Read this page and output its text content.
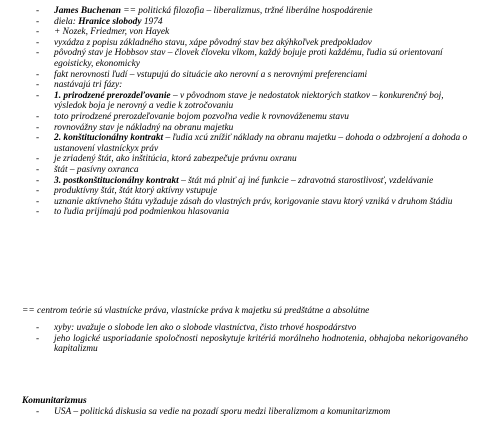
- James Buchenan == politická filozofia – liberalizmus, tržné liberálne hospodárenie
- diela: Hranice slobody 1974
- + Nozek, Friedmer, von Hayek
- vyxádza z popisu základného stavu, xápe pôvodný stav bez akýhkoľvek predpokladov
- pôvodný stav je Hobbsov stav – človek človeku vlkom, každý bojuje proti každému, ľudia sú orientovaní egoisticky, ekonomicky
- fakt nerovnosti ľudí – vstupujú do situácie ako nerovní a s nerovnými preferenciami
- nastávajú tri fázy:
- 1. prirodzené prerozdeľovanie – v pôvodnom stave je nedostatok niektorých statkov – konkurenčný boj, výsledok boja je nerovný a vedie k zotročovaniu
- toto prirodzené prerozdeľovanie bojom pozvoľna vedie k rovnováženemu stavu
- rovnovážny stav je nákladný na obranu majetku
- 2. konštitucionálny kontrakt – ľudia xcú znížiť náklady na obranu majetku – dohoda o odzbrojení a dohoda o ustanovení vlastníckyx práv
- je zriadený štát, ako inštitúcia, ktorá zabezpečuje právnu oxranu
- štát – pasívny oxranca
- 3. postkonštitucionálny kontrakt – štát má plniť aj iné funkcie – zdravotná starostlivosť, vzdelávanie
- produktívny štát, štát ktorý aktívny vstupuje
- uznanie aktívneho štátu vyžaduje zásah do vlastných práv, korigovanie stavu ktorý vzniká v druhom štádiu
- to ľudia prijímajú pod podmienkou hlasovania
== centrom teórie sú vlastnícke práva, vlastnícke práva k majetku sú predštátne a absolútne
- xyby: uvažuje o slobode len ako o slobode vlastníctva, čisto trhové hospodárstvo
- jeho logické usporiadanie spoločnosti neposkytuje kritériá morálneho hodnotenia, obhajoba nekorigovaného kapitalizmu
Komunitarizmus
- USA – politická diskusia sa vedie na pozadí sporu medzi liberalizmom a komunitarizmom
